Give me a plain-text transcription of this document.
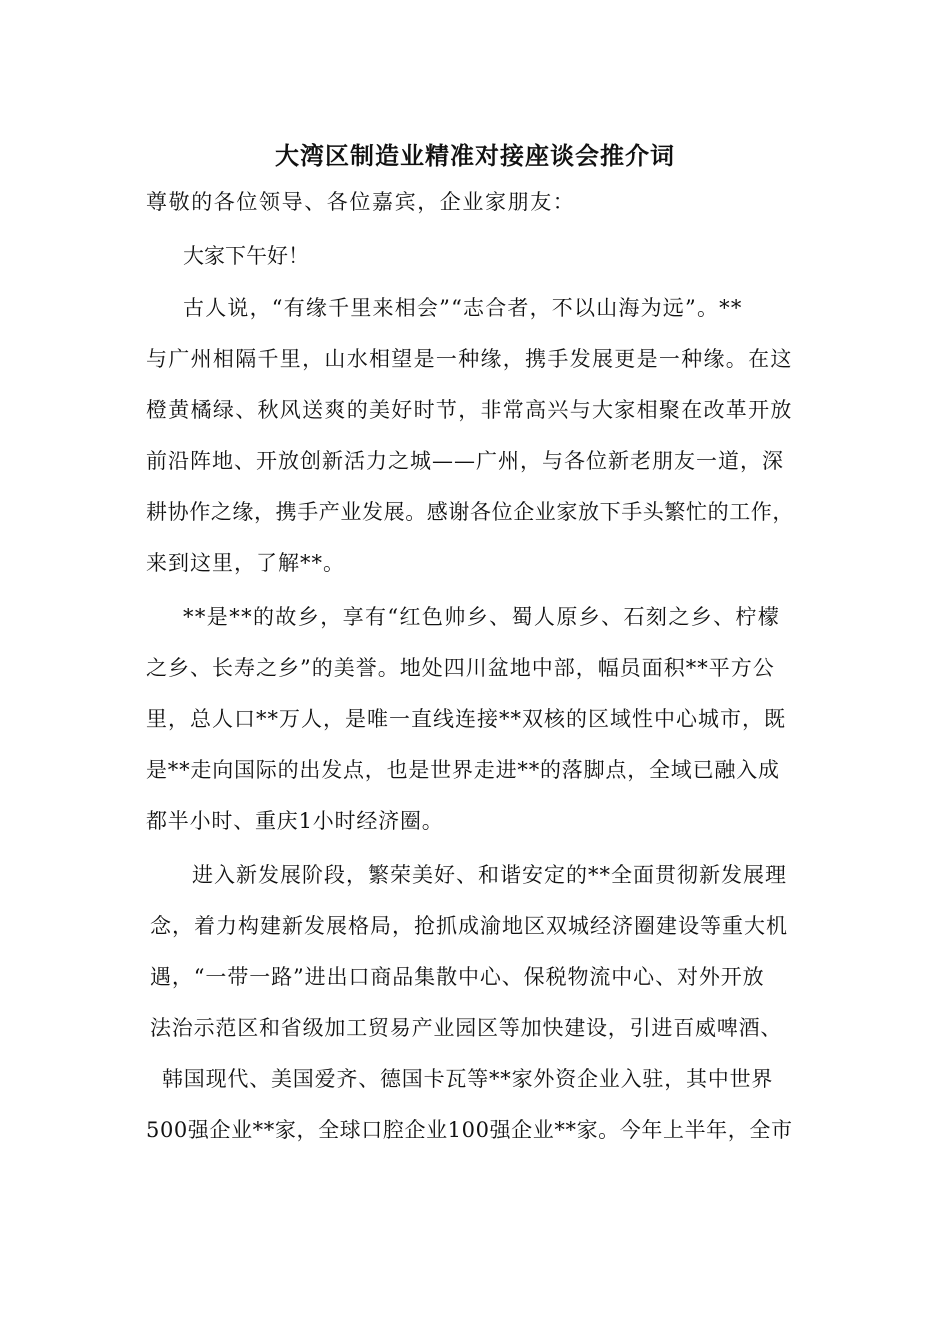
大湾区制造业精准对接座谈会推介词
尊敬的各位领导、各位嘉宾，企业家朋友：
大家下午好！
古人说，“有缘千里来相会”“志合者，不以山海为远”。**
与广州相隔千里，山水相望是一种缘，携手发展更是一种缘。在这
橙黄橘绿、秋风送爽的美好时节，非常高兴与大家相聚在改革开放
前沿阵地、开放创新活力之城——广州，与各位新老朋友一道，深
耕协作之缘，携手产业发展。感谢各位企业家放下手头繁忙的工作，
来到这里，了解**。
**是**的故乡，享有“红色帅乡、蜀人原乡、石刻之乡、柠檬
之乡、长寿之乡”的美誉。地处四川盆地中部，幅员面积**平方公
里，总人口**万人，是唯一直线连接**双核的区域性中心城市，既
是**走向国际的出发点，也是世界走进**的落脚点，全域已融入成
都半小时、重庆1小时经济圈。
进入新发展阶段，繁荣美好、和谐安定的**全面贯彻新发展理
念，着力构建新发展格局，抢抓成渝地区双城经济圈建设等重大机
遇，“一带一路”进出口商品集散中心、保税物流中心、对外开放
法治示范区和省级加工贸易产业园区等加快建设，引进百威啤酒、
韩国现代、美国爱齐、德国卡瓦等**家外资企业入驻，其中世界
500强企业**家，全球口腔企业100强企业**家。今年上半年，全市
